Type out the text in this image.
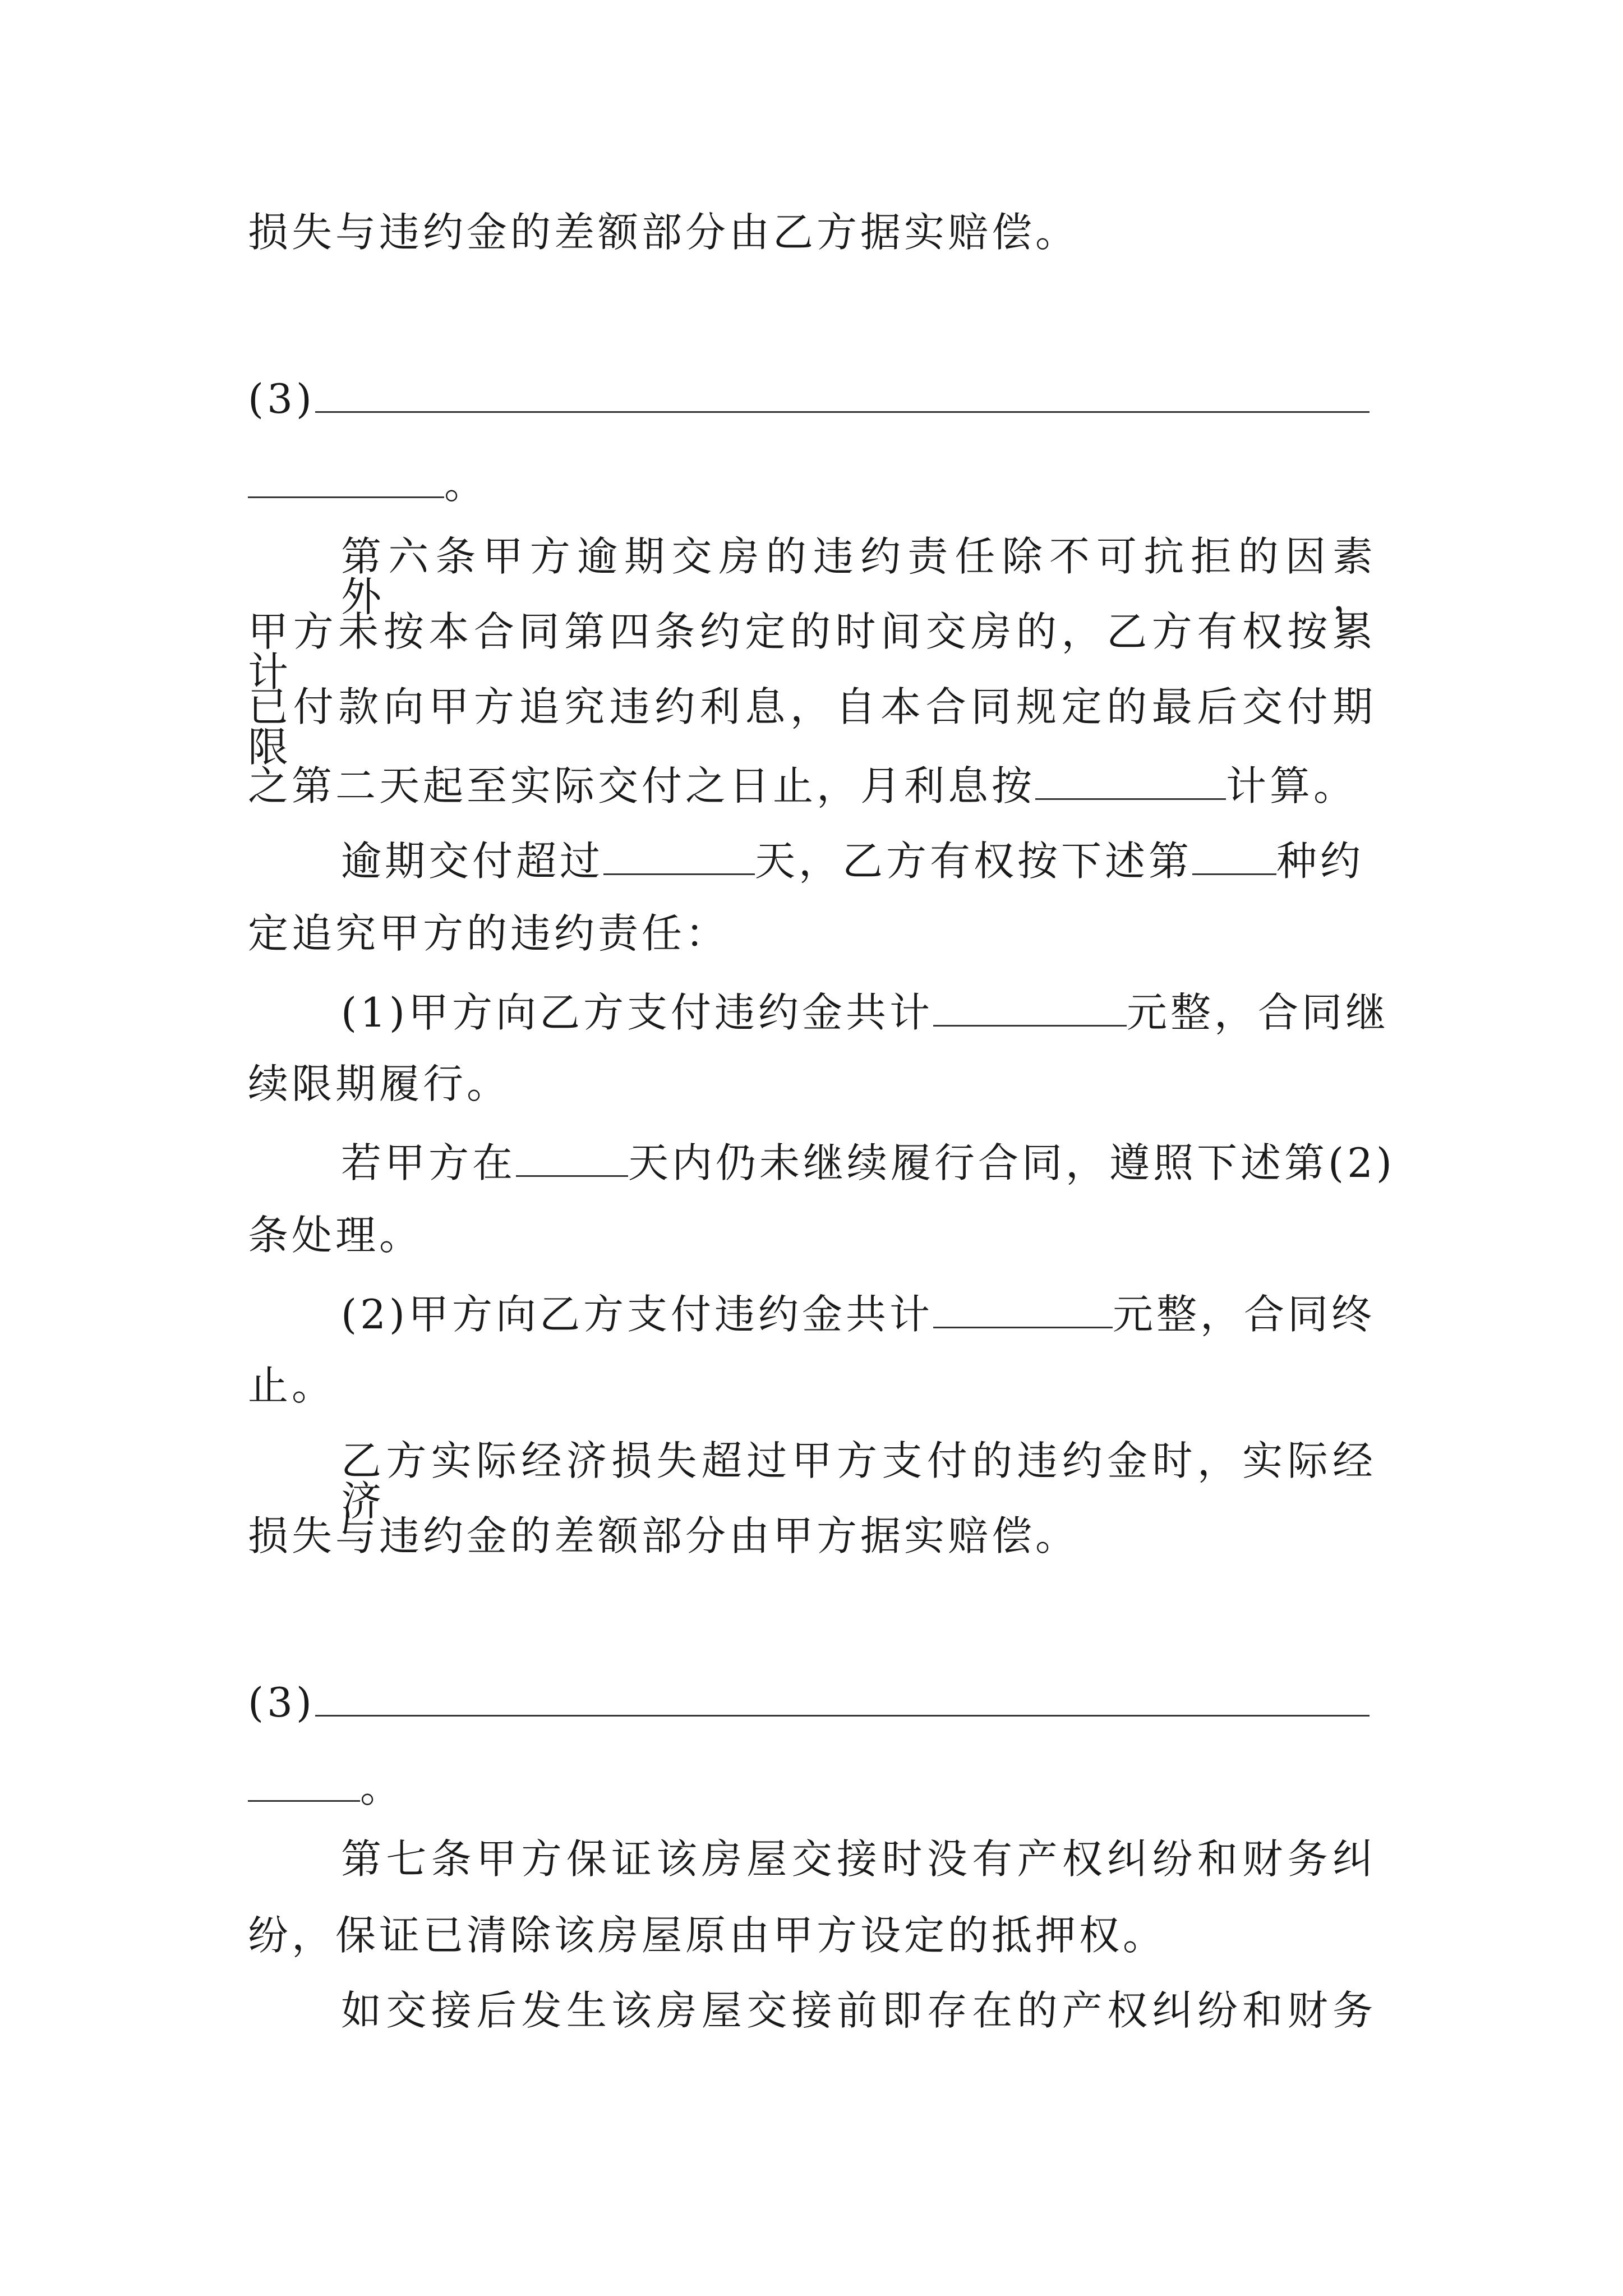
损失与违约金的差额部分由乙方据实赔偿。

(3)

。

第六条甲方逾期交房的违约责任除不可抗拒的因素外，

甲方未按本合同第四条约定的时间交房的，乙方有权按累计

已付款向甲方追究违约利息，自本合同规定的最后交付期限

之第二天起至实际交付之日止，月利息按	计算。

逾期交付超过	天，乙方有权按下述第 种约

定追究甲方的违约责任：

(1)甲方向乙方支付违约金共计	元整，合同继

续限期履行。

若甲方在	天内仍未继续履行合同，遵照下述第(2)

条处理。

(2)甲方向乙方支付违约金共计	元整，合同终

止。

乙方实际经济损失超过甲方支付的违约金时，实际经济

损失与违约金的差额部分由甲方据实赔偿。

(3)

。

第七条甲方保证该房屋交接时没有产权纠纷和财务纠

纷，保证已清除该房屋原由甲方设定的抵押权。

如交接后发生该房屋交接前即存在的产权纠纷和财务
